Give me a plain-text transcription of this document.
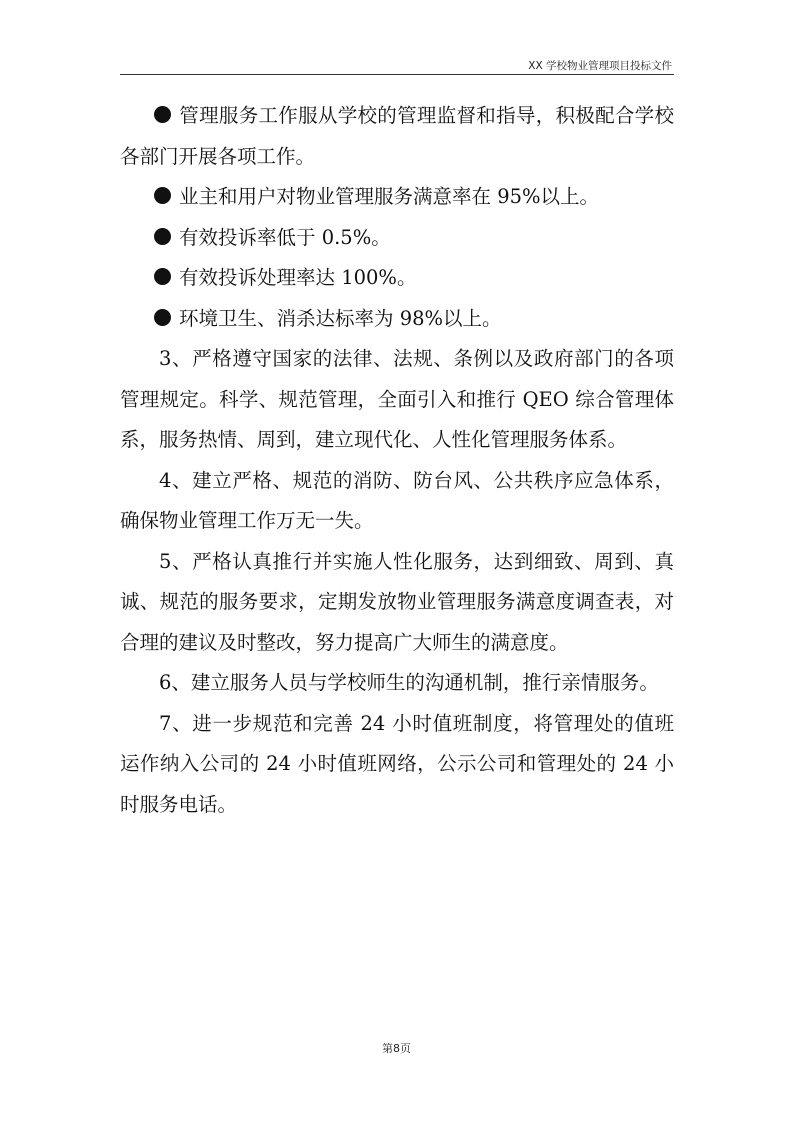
XX 学校物业管理项目投标文件

管理服务工作服从学校的管理监督和指导，积极配合学校各部门开展各项工作。

业主和用户对物业管理服务满意率在 95%以上。

有效投诉率低于 0.5%。

有效投诉处理率达 100%。

环境卫生、消杀达标率为 98%以上。

3、严格遵守国家的法律、法规、条例以及政府部门的各项管理规定。科学、规范管理，全面引入和推行 QEO 综合管理体系，服务热情、周到，建立现代化、人性化管理服务体系。

4、建立严格、规范的消防、防台风、公共秩序应急体系，确保物业管理工作万无一失。

5、严格认真推行并实施人性化服务，达到细致、周到、真诚、规范的服务要求，定期发放物业管理服务满意度调查表，对合理的建议及时整改，努力提高广大师生的满意度。

6、建立服务人员与学校师生的沟通机制，推行亲情服务。

7、进一步规范和完善 24 小时值班制度，将管理处的值班运作纳入公司的 24 小时值班网络，公示公司和管理处的 24 小时服务电话。

第8页
